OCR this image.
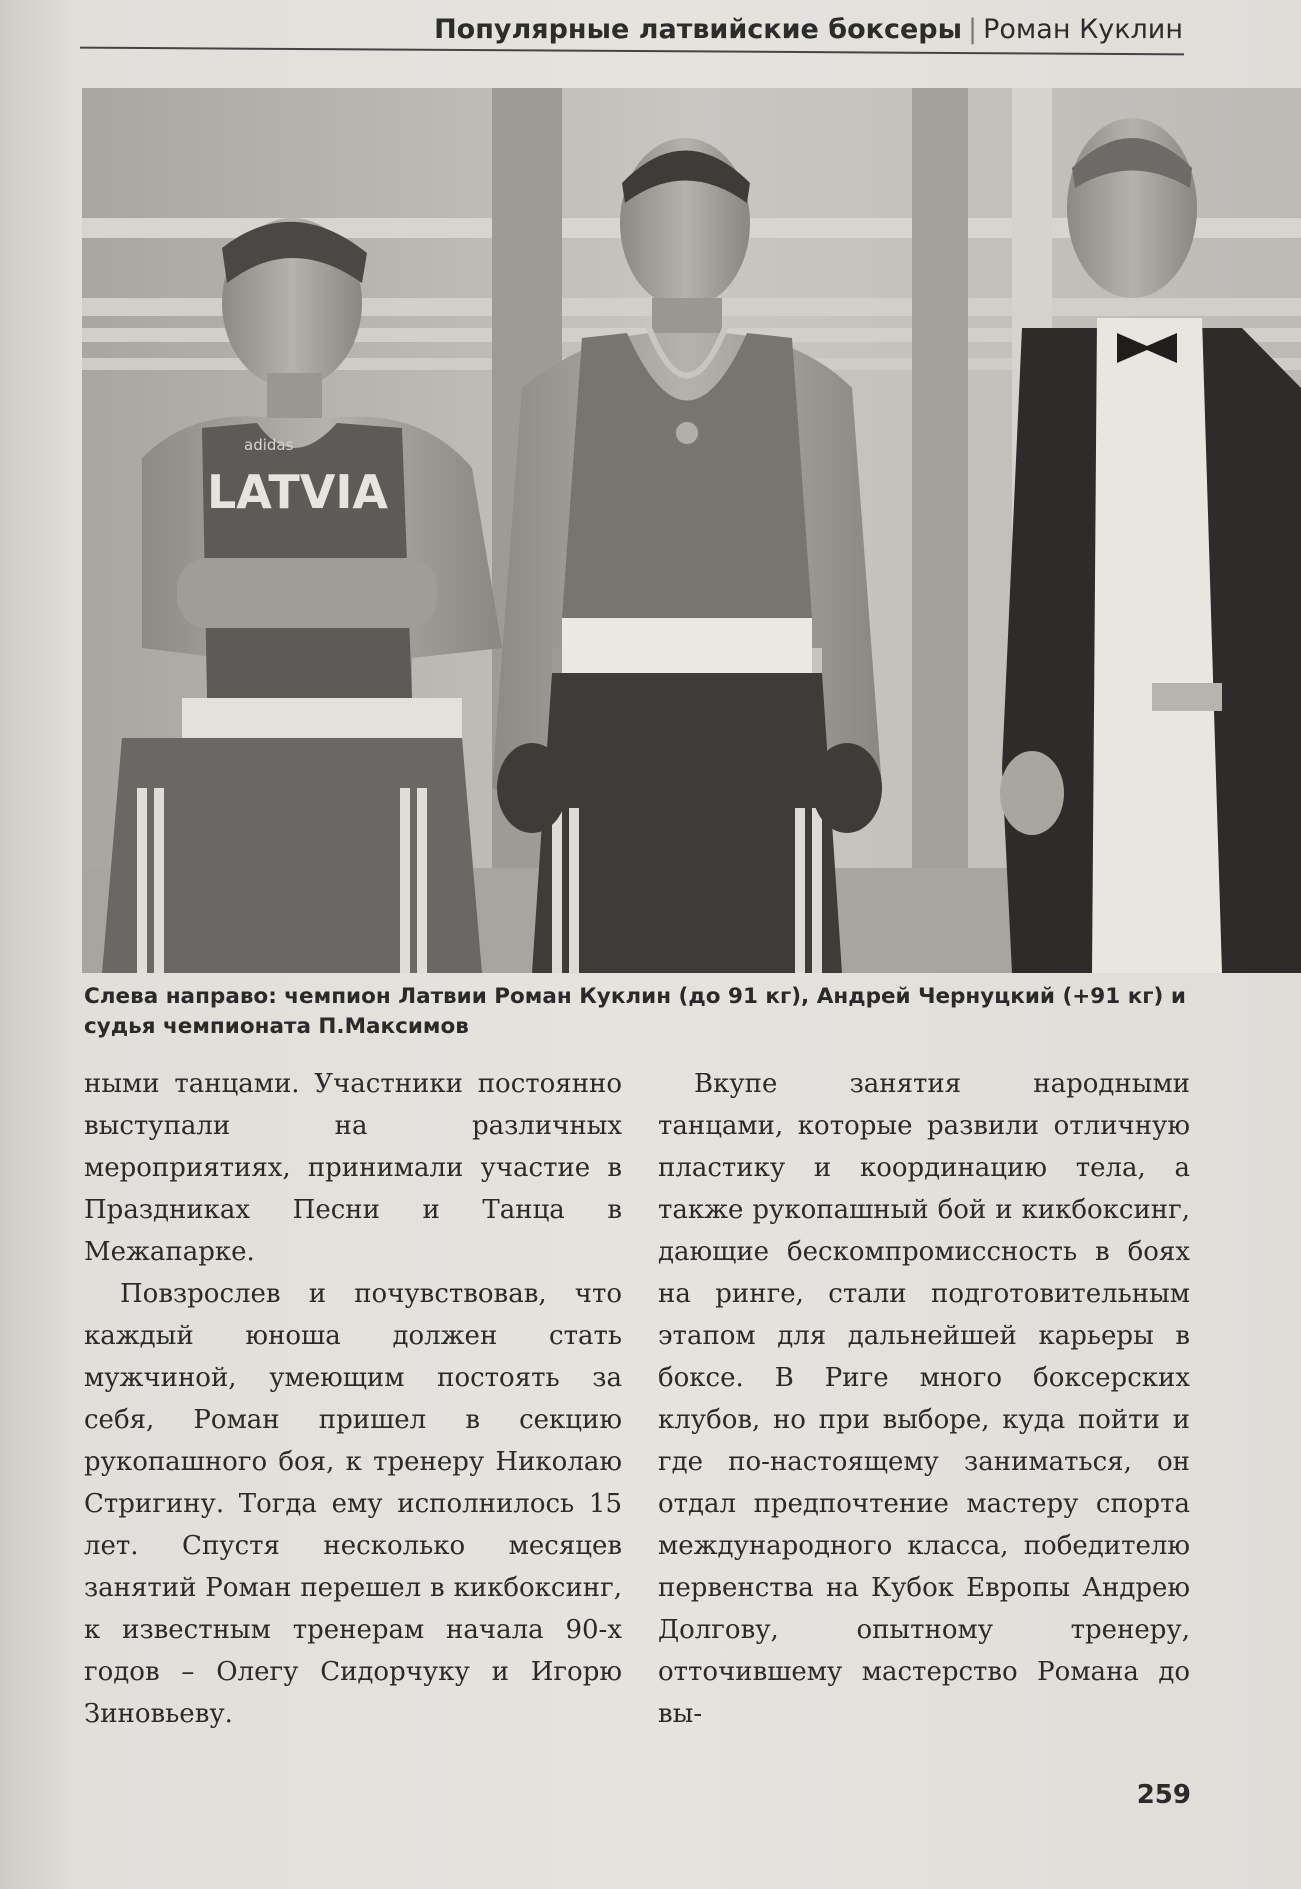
Популярные латвийские боксеры | Роман Куклин
adidas
LATVIA
Слева направо: чемпион Латвии Роман Куклин (до 91 кг), Андрей Чернуцкий (+91 кг) и судья чемпионата П.Максимов

ными танцами. Участники постоянно выступали на различных мероприятиях, принимали участие в Праздниках Песни и Танца в Межапарке.

Повзрослев и почувствовав, что каждый юноша должен стать мужчиной, умеющим постоять за себя, Роман пришел в секцию рукопашного боя, к тренеру Николаю Стригину. Тогда ему исполнилось 15 лет. Спустя несколько месяцев занятий Роман перешел в кикбоксинг, к известным тренерам начала 90-х годов – Олегу Сидорчуку и Игорю Зиновьеву.

Вкупе занятия народными танцами, которые развили отличную пластику и координацию тела, а также рукопашный бой и кикбоксинг, дающие бескомпромиссность в боях на ринге, стали подготовительным этапом для дальнейшей карьеры в боксе. В Риге много боксерских клубов, но при выборе, куда пойти и где по-настоящему заниматься, он отдал предпочтение мастеру спорта международного класса, победителю первенства на Кубок Европы Андрею Долгову, опытному тренеру, отточившему мастерство Романа до вы-

259
